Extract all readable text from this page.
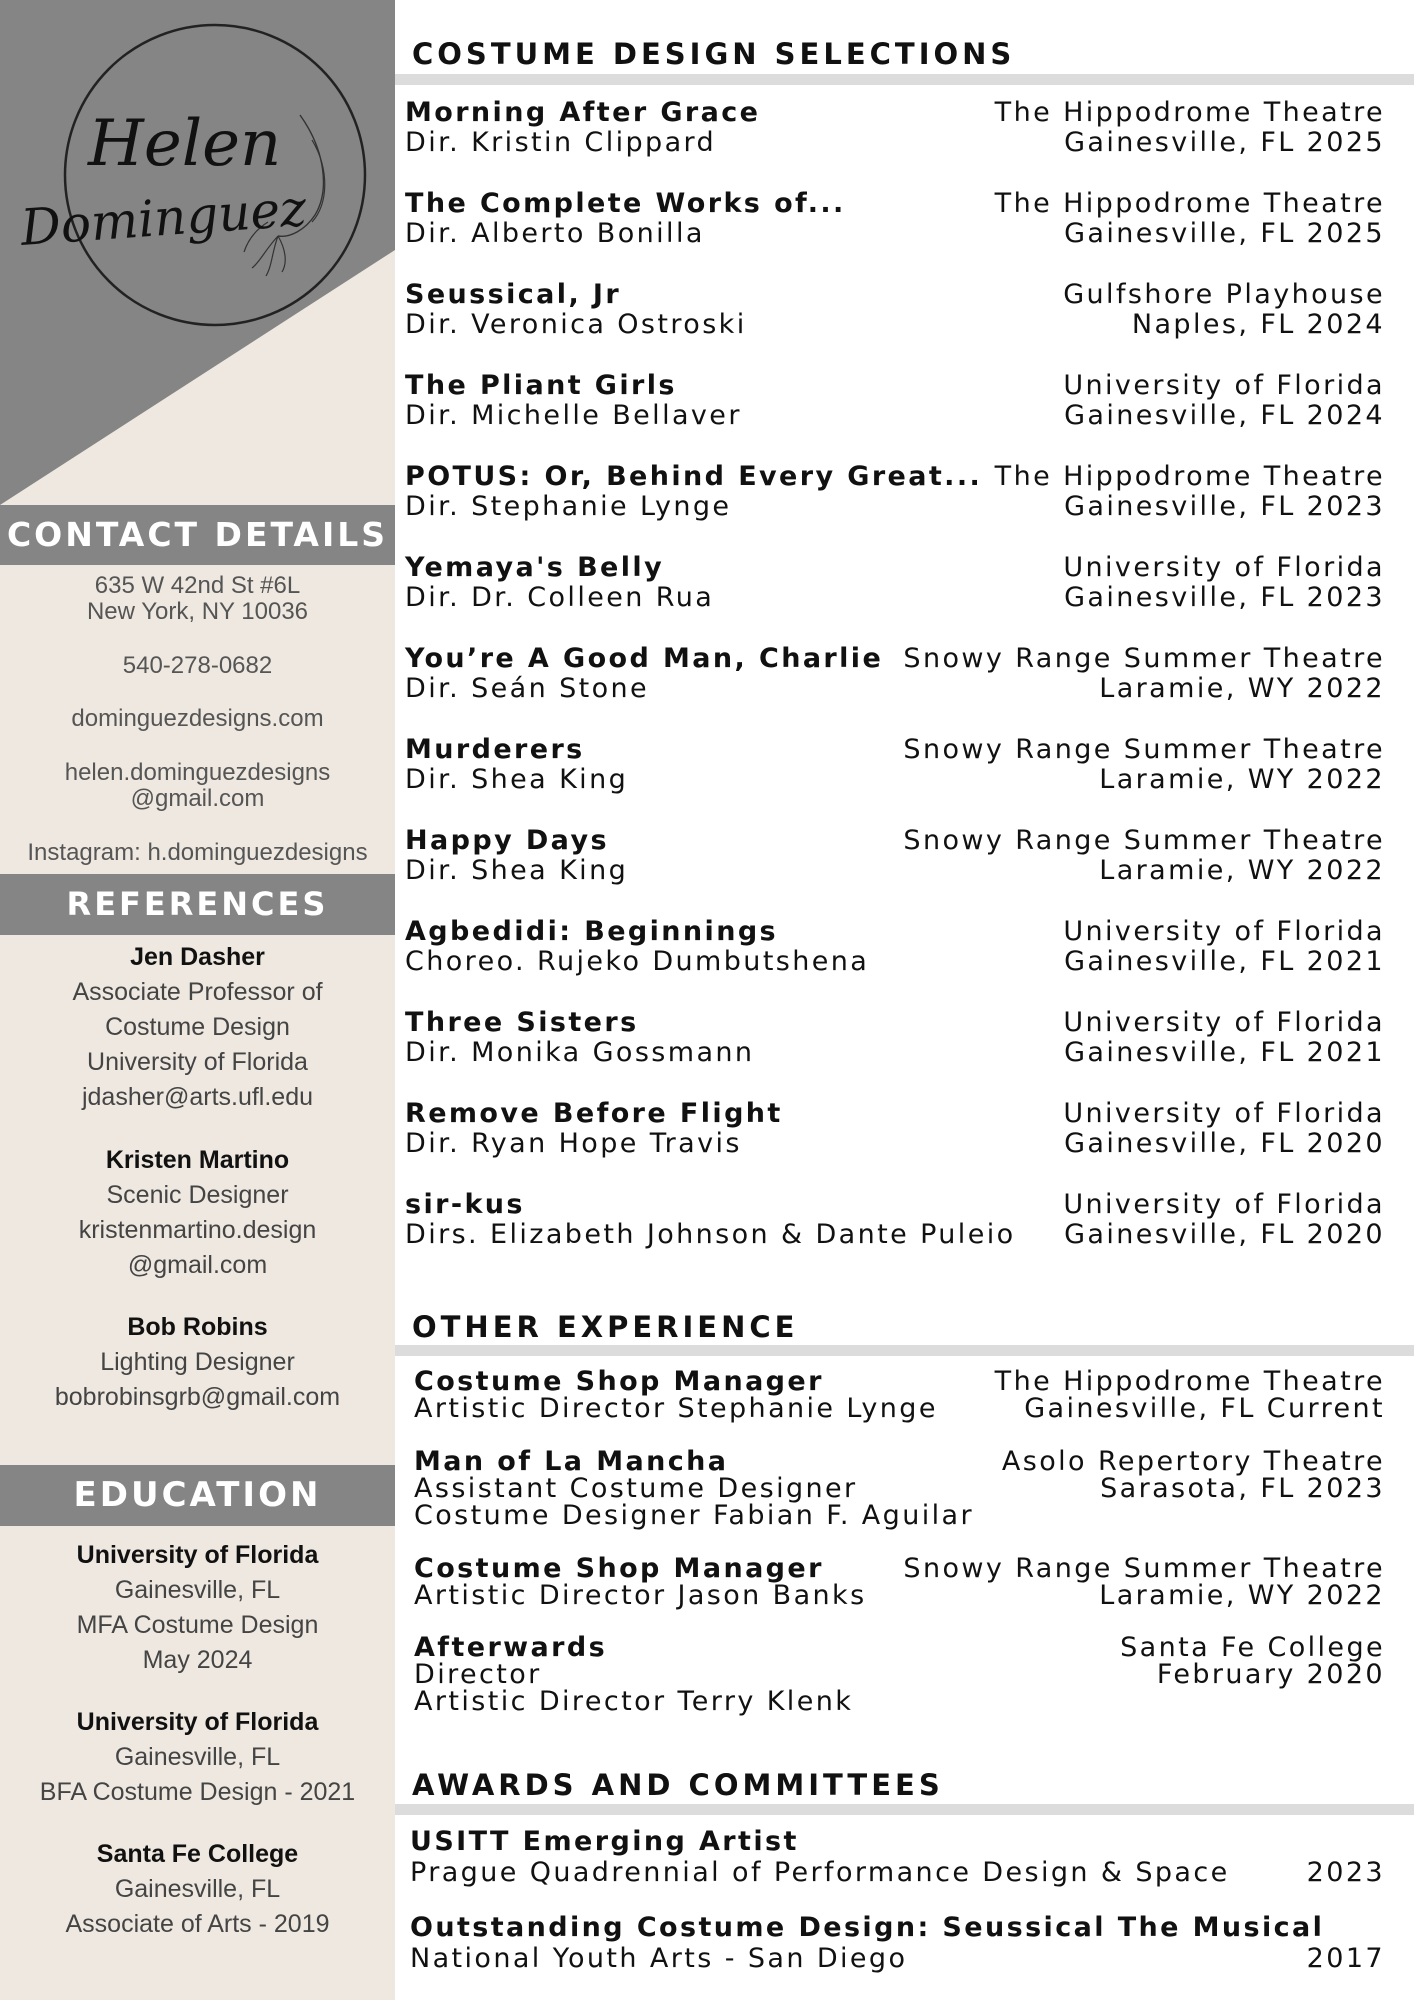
Helen
Dominguez
CONTACT DETAILS
635 W 42nd St #6L
New York, NY 10036
540-278-0682
dominguezdesigns.com
helen.dominguezdesigns
@gmail.com
Instagram: h.dominguezdesigns
REFERENCES
Jen Dasher
Associate Professor of
Costume Design
University of Florida
jdasher@arts.ufl.edu
Kristen Martino
Scenic Designer
kristenmartino.design
@gmail.com
Bob Robins
Lighting Designer
bobrobinsgrb@gmail.com
EDUCATION
University of Florida
Gainesville, FL
MFA Costume Design
May 2024
University of Florida
Gainesville, FL
BFA Costume Design - 2021
Santa Fe College
Gainesville, FL
Associate of Arts - 2019
COSTUME DESIGN SELECTIONS
Morning After Grace
Dir. Kristin Clippard
The Hippodrome Theatre
Gainesville, FL 2025
The Complete Works of...
Dir. Alberto Bonilla
The Hippodrome Theatre
Gainesville, FL 2025
Seussical, Jr
Dir. Veronica Ostroski
Gulfshore Playhouse
Naples, FL 2024
The Pliant Girls
Dir. Michelle Bellaver
University of Florida
Gainesville, FL 2024
POTUS: Or, Behind Every Great...
Dir. Stephanie Lynge
The Hippodrome Theatre
Gainesville, FL 2023
Yemaya's Belly
Dir. Dr. Colleen Rua
University of Florida
Gainesville, FL 2023
You’re A Good Man, Charlie
Dir. Seán Stone
Snowy Range Summer Theatre
Laramie, WY 2022
Murderers
Dir. Shea King
Snowy Range Summer Theatre
Laramie, WY 2022
Happy Days
Dir. Shea King
Snowy Range Summer Theatre
Laramie, WY 2022
Agbedidi: Beginnings
Choreo. Rujeko Dumbutshena
University of Florida
Gainesville, FL 2021
Three Sisters
Dir. Monika Gossmann
University of Florida
Gainesville, FL 2021
Remove Before Flight
Dir. Ryan Hope Travis
University of Florida
Gainesville, FL 2020
sir-kus
Dirs. Elizabeth Johnson & Dante Puleio
University of Florida
Gainesville, FL 2020
OTHER EXPERIENCE
Costume Shop Manager
Artistic Director Stephanie Lynge
The Hippodrome Theatre
Gainesville, FL Current
Man of La Mancha
Assistant Costume Designer
Costume Designer Fabian F. Aguilar
Asolo Repertory Theatre
Sarasota, FL 2023
Costume Shop Manager
Artistic Director Jason Banks
Snowy Range Summer Theatre
Laramie, WY 2022
Afterwards
Director
Artistic Director Terry Klenk
Santa Fe College
February 2020
AWARDS AND COMMITTEES
USITT Emerging Artist
Prague Quadrennial of Performance Design & Space	2023
Outstanding Costume Design: Seussical The Musical
National Youth Arts - San Diego	2017
